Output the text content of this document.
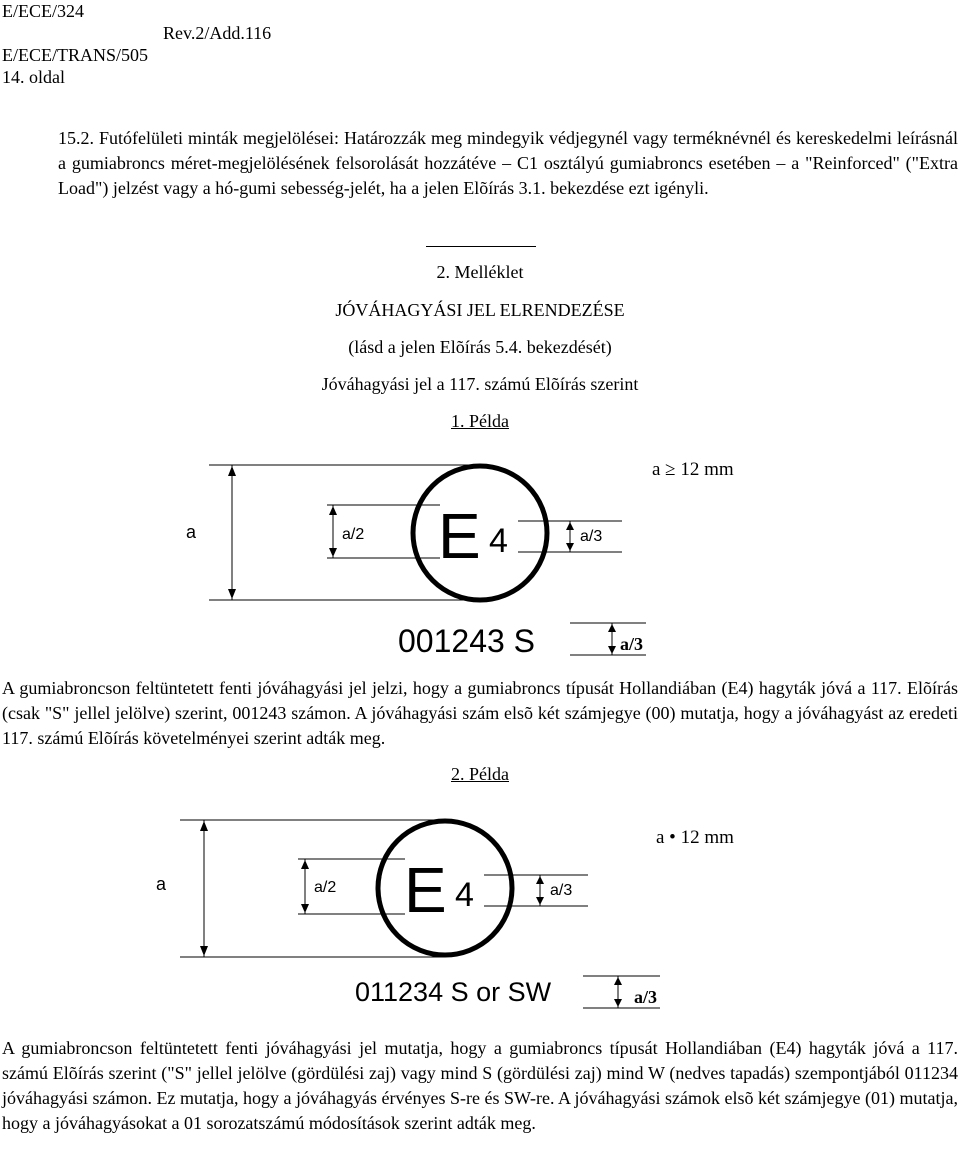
E/ECE/324
Rev.2/Add.116
E/ECE/TRANS/505
14. oldal
15.2. Futófelületi minták megjelölései: Határozzák meg mindegyik védjegynél vagy terméknévnél és kereskedelmi leírásnál a gumiabroncs méret-megjelölésének felsorolását hozzátéve – C1 osztályú gumiabroncs esetében – a "Reinforced" ("Extra Load") jelzést vagy a hó-gumi sebesség-jelét, ha a jelen Elõírás 3.1. bekezdése ezt igényli.
2. Melléklet
JÓVÁHAGYÁSI JEL ELRENDEZÉSE
(lásd a jelen Elõírás 5.4. bekezdését)
Jóváhagyási jel a 117. számú Elõírás szerint
1. Példa
a	a/2 E 4	a/3
a ≥ 12 mm
001243 S	a/3
A gumiabroncson feltüntetett fenti jóváhagyási jel jelzi, hogy a gumiabroncs típusát Hollandiában (E4) hagyták jóvá a 117. Elõírás (csak "S" jellel jelölve) szerint, 001243 számon. A jóváhagyási szám elsõ két számjegye (00) mutatja, hogy a jóváhagyást az eredeti 117. számú Elõírás követelményei szerint adták meg.
2. Példa
a	a/2 E 4	a/3
a • 12 mm
011234 S or SW	a/3
A gumiabroncson feltüntetett fenti jóváhagyási jel mutatja, hogy a gumiabroncs típusát Hollandiában (E4) hagyták jóvá a 117. számú Elõírás szerint ("S" jellel jelölve (gördülési zaj) vagy mind S (gördülési zaj) mind W (nedves tapadás) szempontjából 011234 jóváhagyási számon. Ez mutatja, hogy a jóváhagyás érvényes S-re és SW-re. A jóváhagyási számok elsõ két számjegye (01) mutatja, hogy a jóváhagyásokat a 01 sorozatszámú módosítások szerint adták meg.
